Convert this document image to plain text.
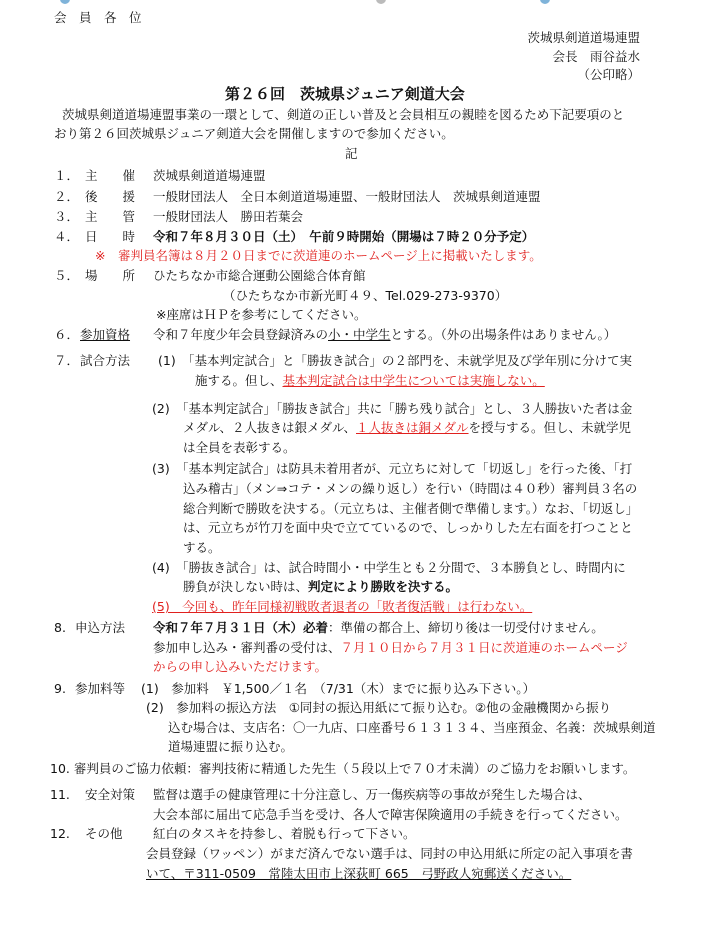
会　員　各　位
茨城県剣道道場連盟
会長　雨谷益水
（公印略）
第２６回　茨城県ジュニア剣道大会
茨城県剣道道場連盟事業の一環として、剣道の正しい普及と会員相互の親睦を図るため下記要項のと
おり第２６回茨城県ジュニア剣道大会を開催しますので参加ください。
記
１． 主　　催 茨城県剣道道場連盟
２． 後　　援 一般財団法人　全日本剣道道場連盟、一般財団法人　茨城県剣道連盟
３． 主　　管 一般財団法人　勝田若葉会
４． 日　　時 令和７年８月３０日（土）　午前９時開始（開場は７時２０分予定）
※　審判員名簿は８月２０日までに茨道連のホームページ上に掲載いたします。
５． 場　　所 ひたちなか市総合運動公園総合体育館
（ひたちなか市新光町４９、Tel.029-273-9370）
※座席はＨＰを参考にしてください。
６． 参加資格 令和７年度少年会員登録済みの小・中学生とする。（外の出場条件はありません。）
７． 試合方法 (1)　「基本判定試合」と「勝抜き試合」の２部門を、未就学児及び学年別に分けて実
施する。但し、基本判定試合は中学生については実施しない。
(2)　「基本判定試合」「勝抜き試合」共に「勝ち残り試合」とし、３人勝抜いた者は金
メダル、２人抜きは銀メダル、１人抜きは銅メダルを授与する。但し、未就学児
は全員を表彰する。
(3)　「基本判定試合」は防具未着用者が、元立ちに対して「切返し」を行った後、「打
込み稽古」（メン⇒コテ・メンの繰り返し）を行い（時間は４０秒）審判員３名の
総合判断で勝敗を決する。（元立ちは、主催者側で準備します。）なお、「切返し」
は、元立ちが竹刀を面中央で立てているので、しっかりした左右面を打つことと
する。
(4)　「勝抜き試合」は、試合時間小・中学生とも２分間で、３本勝負とし、時間内に
勝負が決しない時は、判定により勝敗を決する。
(5)　今回も、昨年同様初戦敗者退者の「敗者復活戦」は行わない。
8. 申込方法 令和７年７月３１日（木）必着：準備の都合上、締切り後は一切受付けません。
参加申し込み・審判番の受付は、７月１０日から７月３１日に茨道連のホームページ
からの申し込みいただけます。
9. 参加料等 (1)　参加料　￥1,500／１名　（7/31（木）までに振り込み下さい。）
(2)　参加料の振込方法　①同封の振込用紙にて振り込む。②他の金融機関から振り
込む場合は、支店名：〇一九店、口座番号６１３１３４、当座預金、名義：茨城県剣道
道場連盟に振り込む。
10. 審判員のご協力依頼：審判技術に精通した先生（５段以上で７０才未満）のご協力をお願いします。
11. 安全対策 監督は選手の健康管理に十分注意し、万一傷疾病等の事故が発生した場合は、
大会本部に届出て応急手当を受け、各人で障害保険適用の手続きを行ってください。
12. その他 紅白のタスキを持参し、着脱も行って下さい。
会員登録（ワッペン）がまだ済んでない選手は、同封の申込用紙に所定の記入事項を書
いて、〒311-0509　常陸太田市上深荻町 665　弓野政人宛郵送ください。
